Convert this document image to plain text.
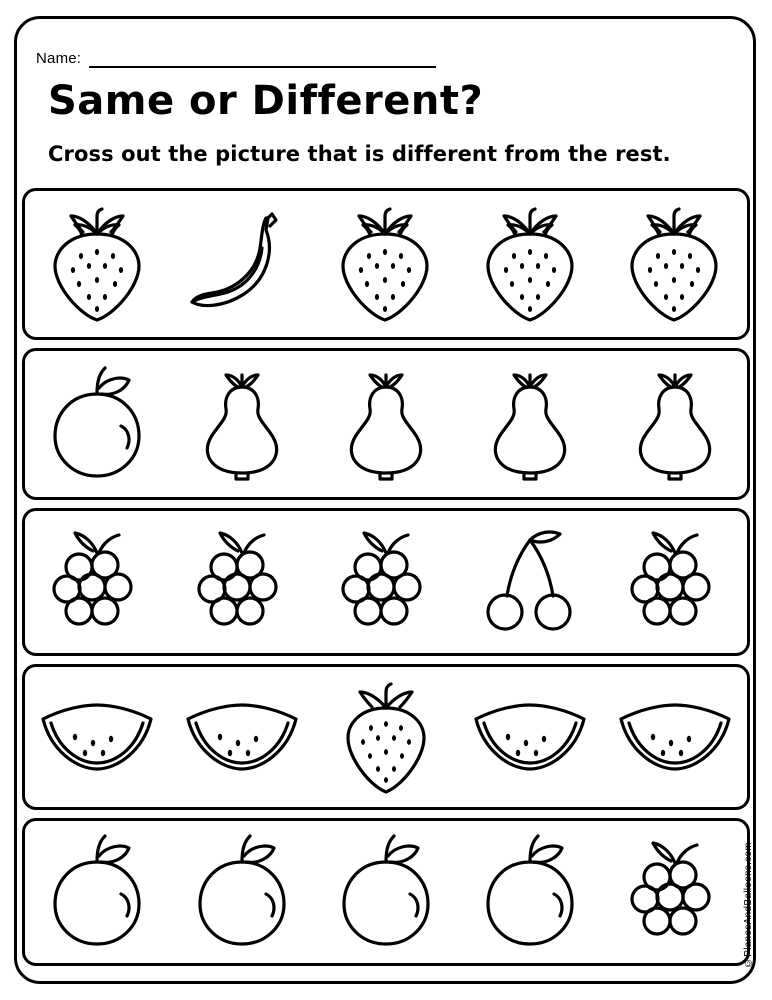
Name:
Same or Different?
Cross out the picture that is different from the rest.
©PlanesAndBalloons.com
